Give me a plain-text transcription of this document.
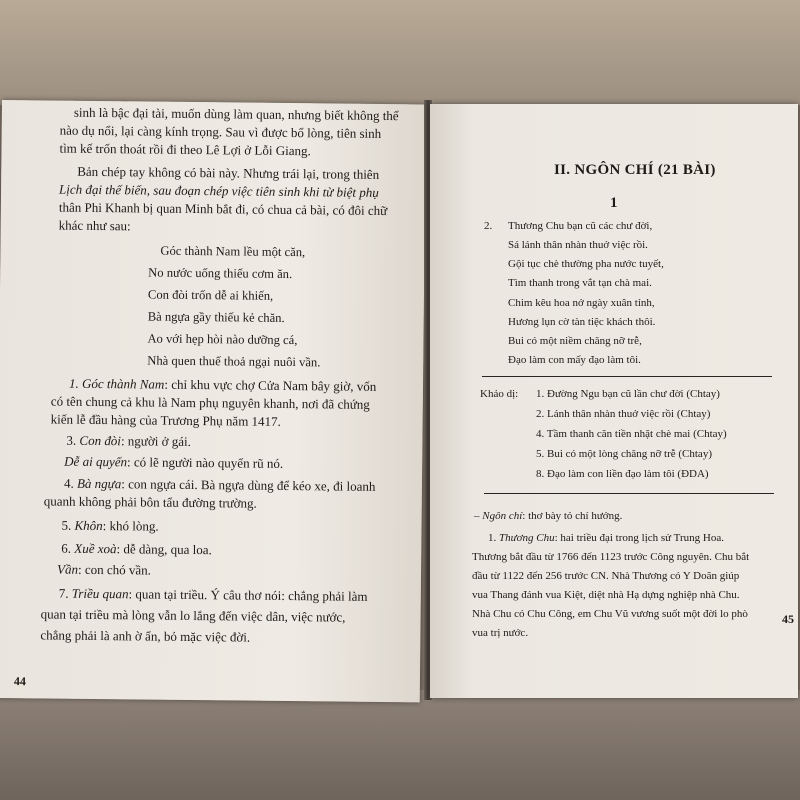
sinh là bậc đại tài, muốn dùng làm quan, nhưng biết không thể
nào dụ nổi, lại càng kính trọng. Sau vì được bổ lòng, tiên sinh
tìm kế trốn thoát rồi đi theo Lê Lợi ở Lỗi Giang.
Bản chép tay không có bài này. Nhưng trái lại, trong thiên
Lịch đại thế biến, sau đoạn chép việc tiên sinh khi từ biệt phụ
thân Phi Khanh bị quan Minh bắt đi, có chua cả bài, có đôi chữ
khác như sau:
Góc thành Nam lều một căn,
No nước uống thiếu cơm ăn.
Con đòi trốn dễ ai khiến,
Bà ngựa gầy thiếu kẻ chăn.
Ao với hẹp hòi nào dưỡng cá,
Nhà quen thuế thoả ngại nuôi vần.
1. Góc thành Nam: chỉ khu vực chợ Cửa Nam bây giờ, vốn
có tên chung cả khu là Nam phụ nguyên khanh, nơi đã chứng
kiến lễ đầu hàng của Trương Phụ năm 1417.
3. Con đòi: người ở gái.
Dễ ai quyến: có lẽ người nào quyến rũ nó.
4. Bà ngựa: con ngựa cái. Bà ngựa dùng để kéo xe, đi loanh
quanh không phải bôn tẩu đường trường.
5. Khôn: khó lòng.
6. Xuề xoà: dễ dàng, qua loa.
Vần: con chó vần.
7. Triều quan: quan tại triều. Ý câu thơ nói: chẳng phải làm
quan tại triều mà lòng vẫn lo lắng đến việc dân, việc nước,
chẳng phải là anh ờ ẩn, bỏ mặc việc đời.
44
II. NGÔN CHÍ (21 BÀI)
1
2. Thương Chu bạn cũ các chư đời,
Sá lánh thân nhàn thuở việc rồi.
Gội tục chè thường pha nước tuyết,
Tìm thanh trong vắt tạn chà mai.
Chim kêu hoa nở ngày xuân tỉnh,
Hương lụn cờ tàn tiệc khách thôi.
Bui có một niềm chăng nỡ trễ,
Đạo làm con mấy đạo làm tôi.
Khảo dị: 1. Đường Ngu bạn cũ lần chư đời (Chtay)
2. Lánh thân nhàn thuở việc rồi (Chtay)
4. Tầm thanh căn tiền nhặt chè mai (Chtay)
5. Bui có một lòng chăng nỡ trễ (Chtay)
8. Đạo làm con liền đạo làm tôi (ĐDA)
– Ngôn chí: thơ bày tỏ chí hướng.
1. Thương Chu: hai triều đại trong lịch sử Trung Hoa.
Thương bắt đầu từ 1766 đến 1123 trước Công nguyên. Chu bắt
đầu từ 1122 đến 256 trước CN. Nhà Thương có Y Doãn giúp
vua Thang đánh vua Kiệt, diệt nhà Hạ dựng nghiệp nhà Chu.
Nhà Chu có Chu Công, em Chu Vũ vương suốt một đời lo phò
vua trị nước.
45
